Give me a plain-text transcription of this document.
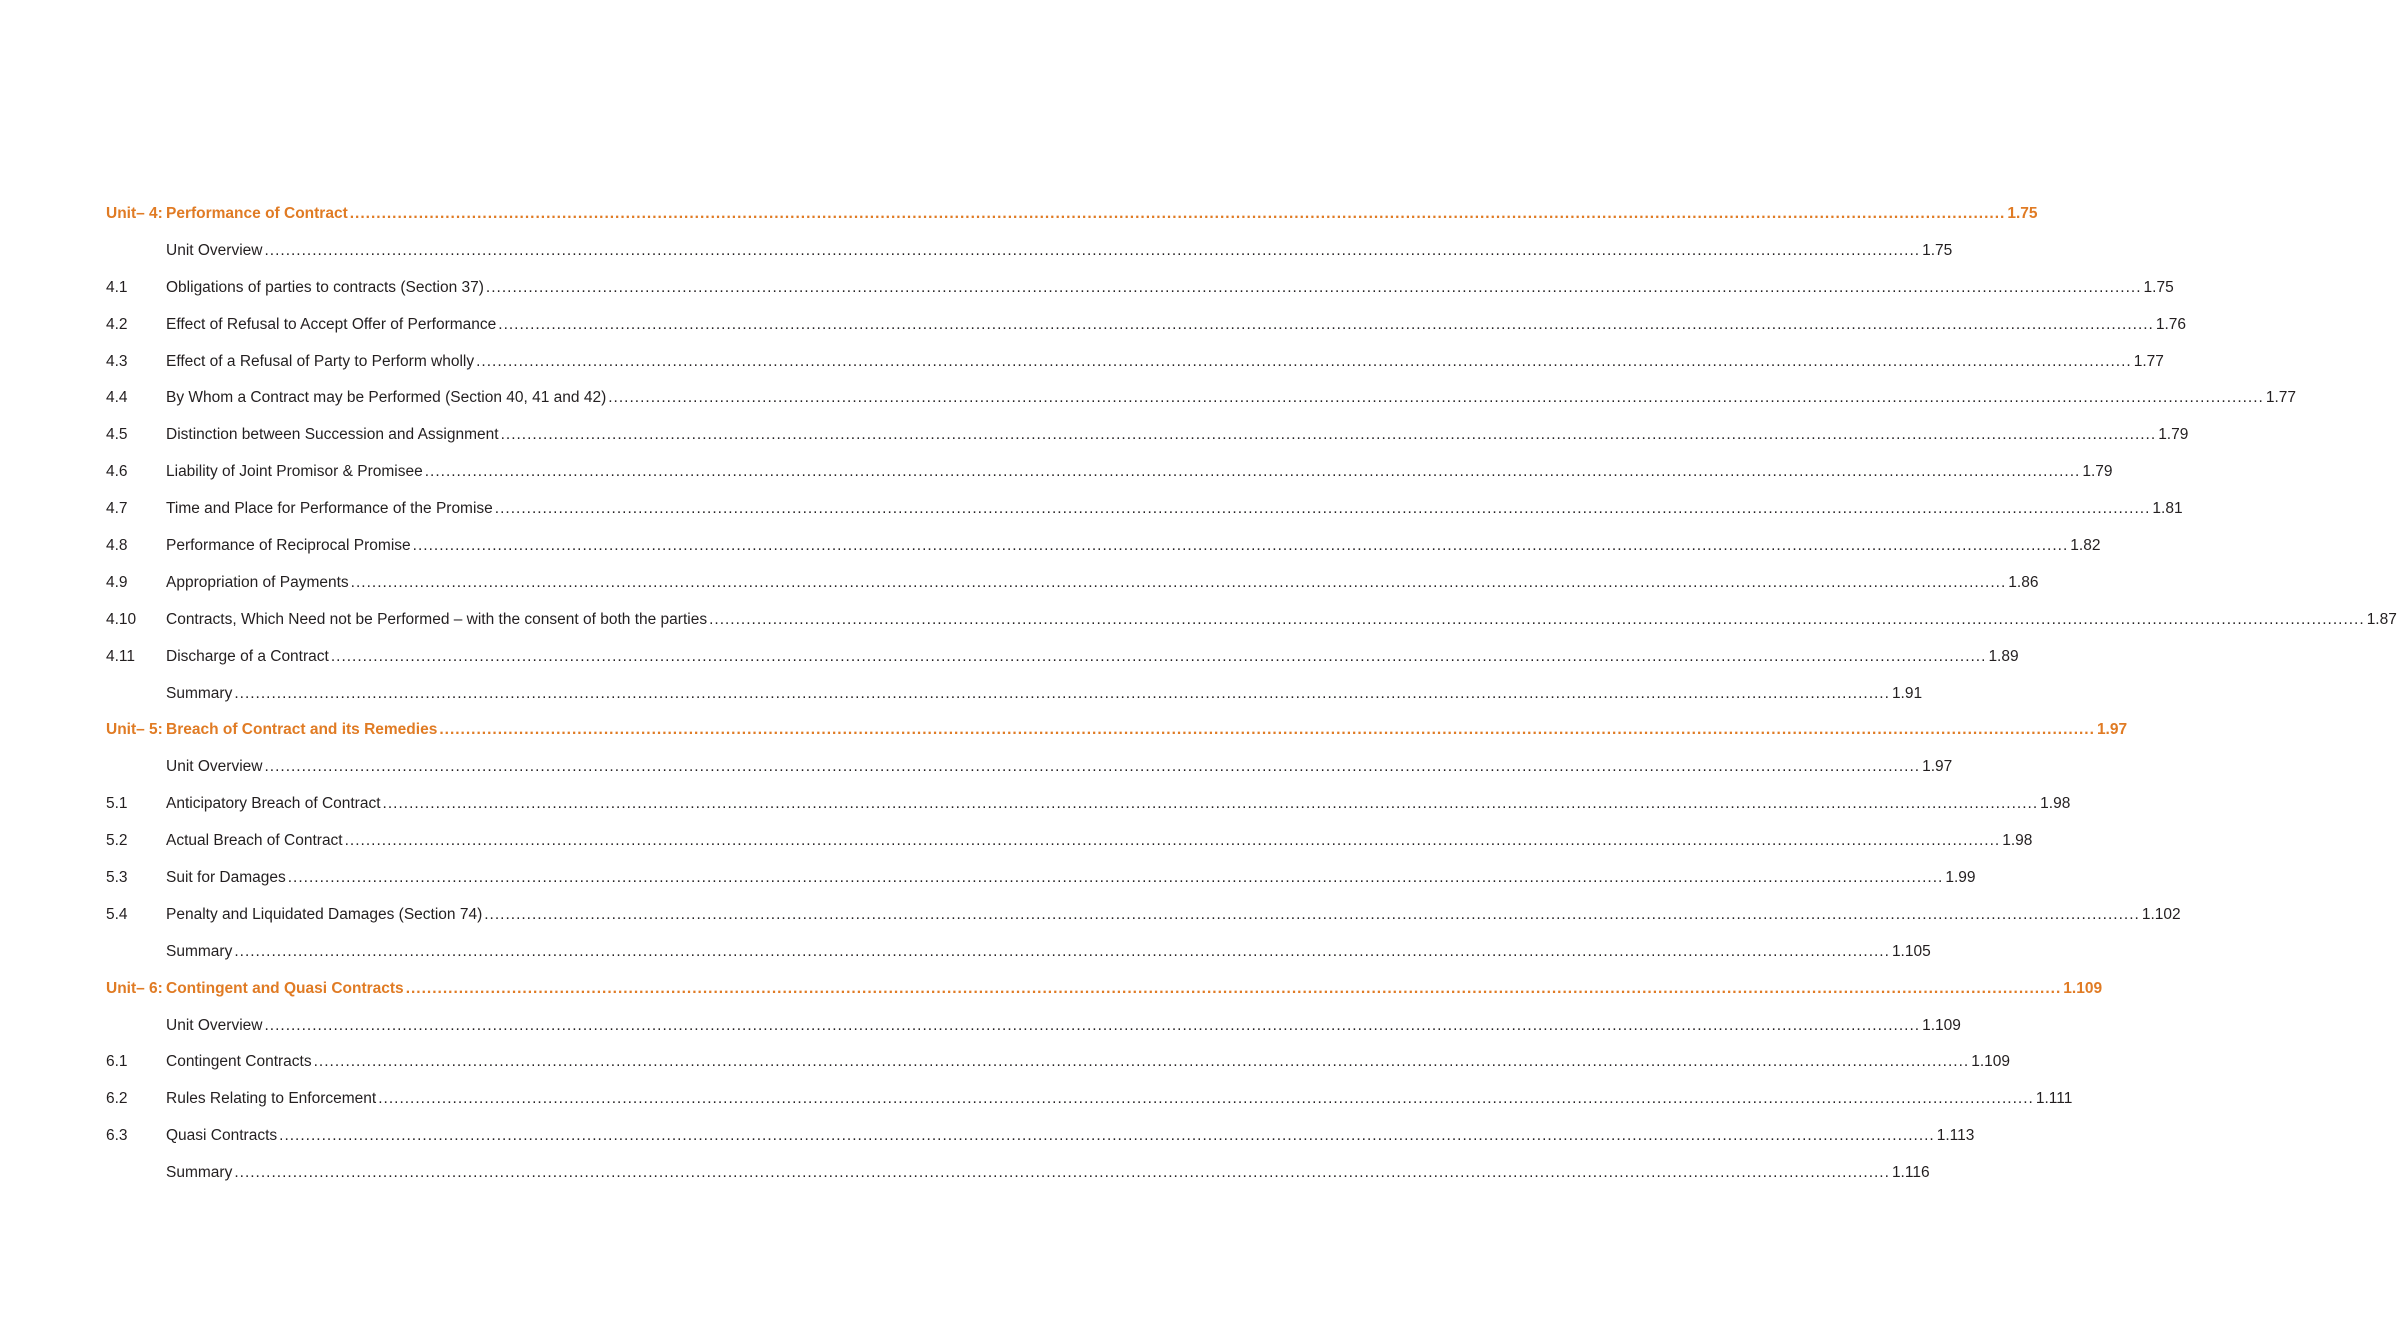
Unit– 4: Performance of Contract .....	1.75
Unit Overview .....	1.75
4.1	Obligations of parties to contracts (Section 37) .....	1.75
4.2	Effect of Refusal to Accept Offer of Performance .....	1.76
4.3	Effect of a Refusal of Party to Perform wholly .....	1.77
4.4	By Whom a Contract may be Performed (Section 40, 41 and 42) .....	1.77
4.5	Distinction between Succession and Assignment .....	1.79
4.6	Liability of Joint Promisor & Promisee .....	1.79
4.7	Time and Place for Performance of the Promise .....	1.81
4.8	Performance of Reciprocal Promise .....	1.82
4.9	Appropriation of Payments .....	1.86
4.10	Contracts, Which Need not be Performed – with the consent of both the parties .....	1.87
4.11	Discharge of a Contract .....	1.89
Summary .....	1.91
Unit– 5: Breach of Contract and its Remedies .....	1.97
Unit Overview .....	1.97
5.1	Anticipatory Breach of Contract .....	1.98
5.2	Actual Breach of Contract .....	1.98
5.3	Suit for Damages .....	1.99
5.4	Penalty and Liquidated Damages (Section 74) .....	1.102
Summary .....	1.105
Unit– 6: Contingent and Quasi Contracts .....	1.109
Unit Overview .....	1.109
6.1	Contingent Contracts .....	1.109
6.2	Rules Relating to Enforcement .....	1.111
6.3	Quasi Contracts .....	1.113
Summary .....	1.116
